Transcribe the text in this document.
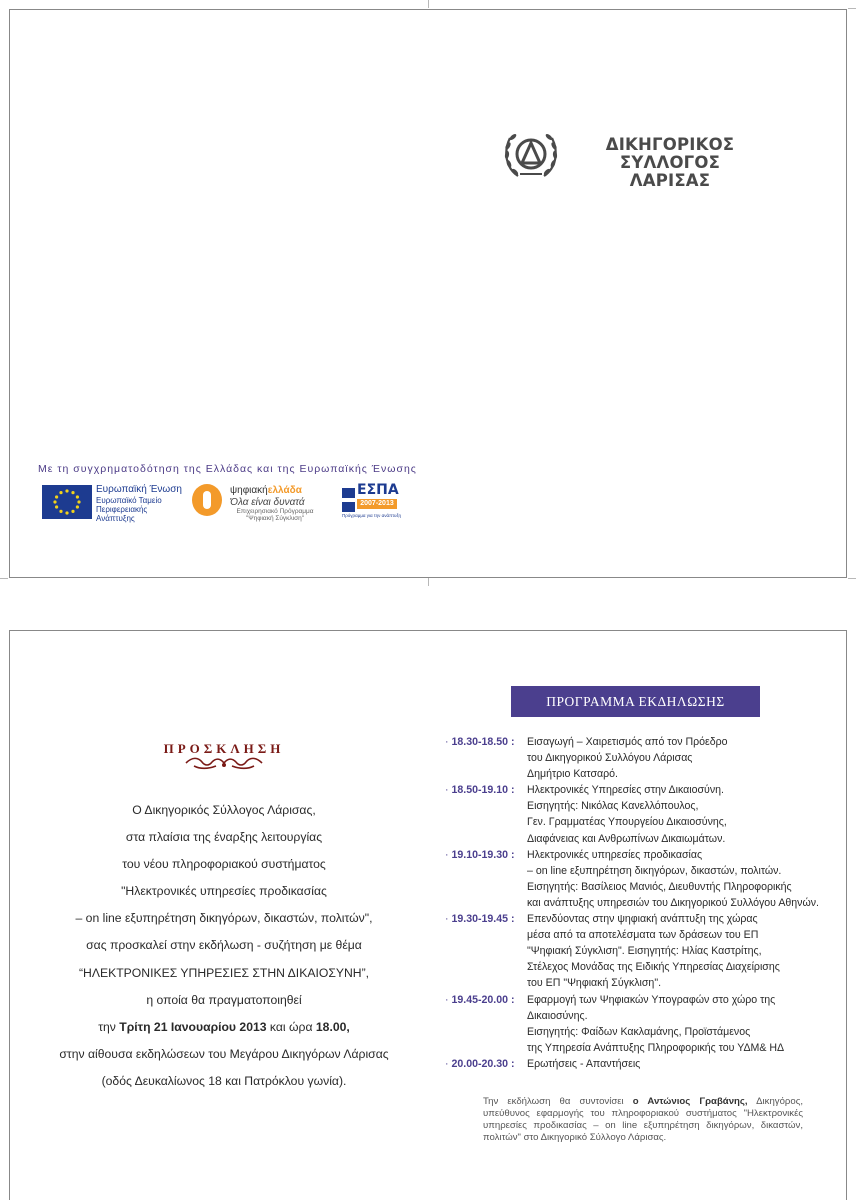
ΔΙΚΗΓΟΡΙΚΟΣ ΣΥΛΛΟΓΟΣ
ΛΑΡΙΣΑΣ
Με τη συγχρηματοδότηση της Ελλάδας και της Ευρωπαϊκής Ένωσης
Ευρωπαϊκή Ένωση
Ευρωπαϊκό Ταμείο
Περιφερειακής
Ανάπτυξης
ψηφιακήελλάδα
Όλα είναι δυνατά
Επιχειρησιακό Πρόγραμμα
"Ψηφιακή Σύγκλιση"
ΕΣΠΑ
2007-2013
Πρόγραμμα για την ανάπτυξη
ΠΡΟΣΚΛΗΣΗ
Ο Δικηγορικός Σύλλογος Λάρισας,
στα πλαίσια της έναρξης λειτουργίας
του νέου πληροφοριακού συστήματος
"Ηλεκτρονικές υπηρεσίες προδικασίας
– on line εξυπηρέτηση δικηγόρων, δικαστών, πολιτών",
σας προσκαλεί στην εκδήλωση - συζήτηση με θέμα
“ΗΛΕΚΤΡΟΝΙΚΕΣ ΥΠΗΡΕΣΙΕΣ ΣΤΗΝ ΔΙΚΑΙΟΣΥΝΗ”,
η οποία θα πραγματοποιηθεί
την Τρίτη 21 Ιανουαρίου 2013 και ώρα 18.00,
στην αίθουσα εκδηλώσεων του Μεγάρου Δικηγόρων Λάρισας
(οδός Δευκαλίωνος 18 και Πατρόκλου γωνία).
ΠΡΟΓΡΑΜΜΑ ΕΚΔΗΛΩΣΗΣ
· 18.30-18.50 :	Εισαγωγή – Χαιρετισμός από τον Πρόεδρο
του Δικηγορικού Συλλόγου Λάρισας
Δημήτριο Κατσαρό.
· 18.50-19.10 :	Ηλεκτρονικές Υπηρεσίες στην Δικαιοσύνη.
Εισηγητής: Νικόλας Κανελλόπουλος,
Γεν. Γραμματέας Υπουργείου Δικαιοσύνης,
Διαφάνειας και Ανθρωπίνων Δικαιωμάτων.
· 19.10-19.30 :	Ηλεκτρονικές υπηρεσίες προδικασίας
– on line εξυπηρέτηση δικηγόρων, δικαστών, πολιτών.
Εισηγητής: Βασίλειος Μανιός, Διευθυντής Πληροφορικής
και ανάπτυξης υπηρεσιών του Δικηγορικού Συλλόγου Αθηνών.
· 19.30-19.45 :	Επενδύοντας στην ψηφιακή ανάπτυξη της χώρας
μέσα από τα αποτελέσματα των δράσεων του ΕΠ
"Ψηφιακή Σύγκλιση". Εισηγητής: Ηλίας Καστρίτης,
Στέλεχος Μονάδας της Ειδικής Υπηρεσίας Διαχείρισης
του ΕΠ "Ψηφιακή Σύγκλιση".
· 19.45-20.00 :	Εφαρμογή των Ψηφιακών Υπογραφών στο χώρο της
Δικαιοσύνης.
Εισηγητής: Φαίδων Κακλαμάνης, Προϊστάμενος
της Υπηρεσία Ανάπτυξης Πληροφορικής του ΥΔΜ& ΗΔ
· 20.00-20.30 :	Ερωτήσεις - Απαντήσεις
Την εκδήλωση θα συντονίσει ο Αντώνιος Γραβάνης, Δικηγόρος, υπεύθυνος εφαρμογής του πληροφοριακού συστήματος "Ηλεκτρονικές υπηρεσίες προδικασίας – on line εξυπηρέτηση δικηγόρων, δικαστών, πολιτών" στο Δικηγορικό Σύλλογο Λάρισας.
